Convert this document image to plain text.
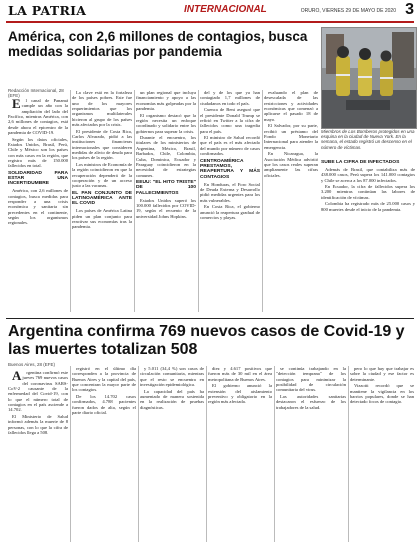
LA PATRIA	INTERNACIONAL	ORURO, VIERNES 29 DE MAYO DE 2020 3
América, con 2,6 millones de contagios, busca medidas solidarias por pandemia
Redacción Internacional, 28 (EFE)

El canal de Panamá cumple un año con la ampliación del lado del Pacífico, mientras América, con 2,6 millones de contagios, está desde ahora el epicentro de la pandemia de COVID-19.

Según los datos oficiales, Estados Unidos, Brasil, Perú, Chile y México son los países con más casos en la región, que registra más de 150.000 fallecidos en total.

SOLIDARIDAD PARA ESTAR UNA INCERTIDUMBRE

América, con 2,6 millones de contagios, busca medidas para responder a una crisis económica y sanitaria sin precedentes en el continente, según los organismos regionales.

La clave está en la fortaleza de los países pobres. Este fue uno de los mayores requerimientos que los organismos multilaterales hicieron al grupo de los países más afectados por la crisis.

El presidente de Costa Rica, Carlos Alvarado, pidió a las instituciones financieras internacionales que consideren medidas de alivio de deuda para los países de la región.

Los ministros de Economía de la región coincidieron en que la recuperación dependerá de la cooperación y de un acceso justo a las vacunas.

EL PAN CONJUNTO DE LATINOAMÉRICA ANTE EL COVID

Los países de América Latina piden un plan conjunto para reactivar sus economías tras la pandemia.

un plan regional que incluya financiamiento y apoyo a las economías más golpeadas por la pandemia.

El organismo destacó que la región necesita un enfoque coordinado y solidario entre los gobiernos para superar la crisis.

Durante el encuentro, los titulares de los ministerios de Argentina, México, Brasil, Barbados, Chile, Colombia, Cuba, Dominica, Ecuador y Paraguay coincidieron en la necesidad de estrategias comunes.

EEUU: "EL HITO TRISTE" DE 100 FALLECIMIENTOS

Estados Unidos superó los 100.000 fallecidos por COVID-19, según el recuento de la universidad Johns Hopkins.

del y de los que ya han contagiado 1,7 millones de ciudadanos en todo el país.

Cuenca de Beni aseguró que el presidente Donald Trump se refirió en Twitter a la cifra de fallecidos como una tragedia para el país.

El ministro de Salud recordó que el país es el más afectado del mundo por número de casos confirmados.

CENTROAMÉRICA PRESTAMOS, REAPERTURA Y MÁS CONTAGIOS

En Honduras, el Foro Social de Deuda Externa y Desarrollo pidió medidas urgentes para los más vulnerables.

En Costa Rica, el gobierno anunció la reapertura gradual de comercios y playas.

evaluando el plan de desescalada de las restricciones y actividades económicas que comenzó a aplicarse el pasado 18 de mayo.

El Salvador, por su parte, recibió un préstamo del Fondo Monetario Internacional para atender la emergencia.

En Nicaragua, la Asociación Médica advirtió que los casos reales superan ampliamente las cifras oficiales.

Miembros de Los Bomberos protegidos en una esquina en la ciudad de Nueva York. En la semana, el estado registró un descenso en el número de víctimas.

SUBE LA CIFRA DE INFECTADOS

Además de Brasil, que contabiliza más de 438.000 casos, Perú supera los 141.000 contagios y Chile se acerca a los 87.000 infectados.

En Ecuador, la cifra de fallecidos supera los 3.200 mientras continúan las labores de identificación de víctimas.

Colombia ha registrado más de 25.000 casos y 800 muertes desde el inicio de la pandemia.

Argentina confirma 769 nuevos casos de Covid-19 y las muertes totalizan 508
Buenos Aires, 28 (EFE)

Argentina confirmó este jueves 769 nuevos casos del coronavirus SARS-CoV-2 causante de la enfermedad del Covid-19, con lo que el número total de contagios en el país asciende a 14.702.

El Ministerio de Salud informó además la muerte de 8 personas, con lo que la cifra de fallecidos llega a 508.

registró en el último día corresponden a la provincia de Buenos Aires y la capital del país, que concentran la mayor parte de los contagios.

De los 14.702 casos confirmados, 4.788 pacientes fueron dados de alta, según el parte diario oficial.

y 5.011 (34,4 %) son casos de circulación comunitaria, mientras que el resto se encuentra en investigación epidemiológica.

La capacidad del país ha aumentado de manera sostenida en la realización de pruebas diagnósticas.

diez y 4.617 positivos que fueron más de 30 mil en el área metropolitana de Buenos Aires.

El gobierno anunció la extensión del aislamiento preventivo y obligatorio en la región más afectada.

se continúa trabajando en la "detección temprana" de los contagios para minimizar la posibilidad de circulación comunitaria del virus.

Las autoridades sanitarias destacaron el esfuerzo de los trabajadores de la salud.

pero lo que hay que trabajar es sobre la ciudad y ese factor es determinante.

Vizzotti recordó que se mantiene la vigilancia en los barrios populares, donde se han detectado focos de contagio.
